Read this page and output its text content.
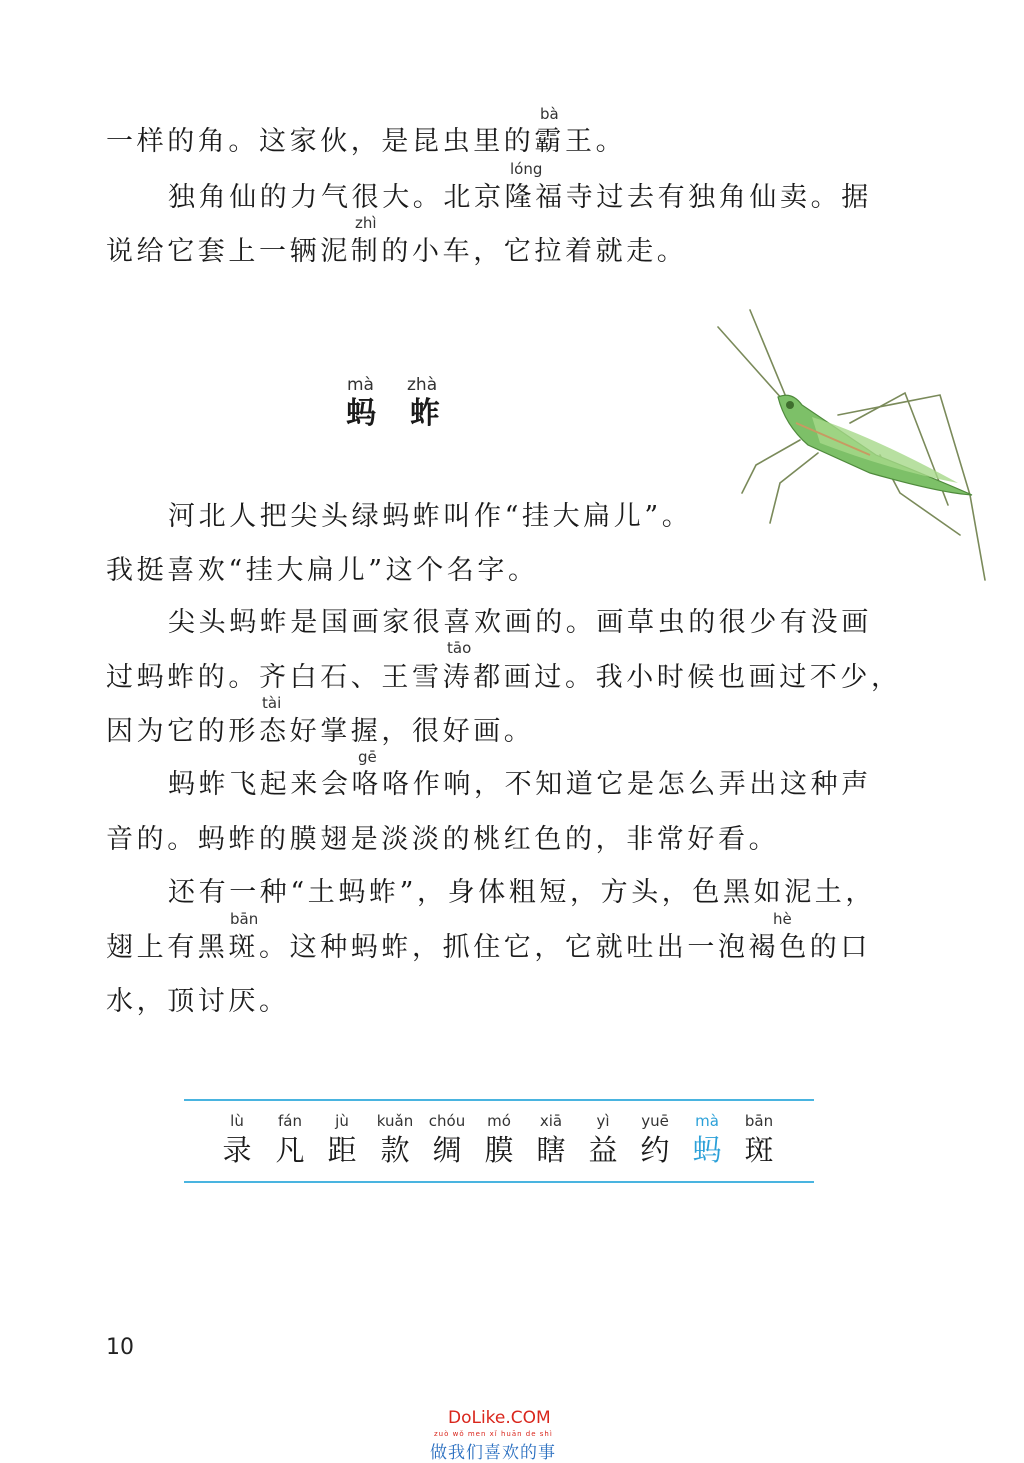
一样的角。这家伙，是昆虫里的霸王。
独角仙的力气很大。北京隆福寺过去有独角仙卖。据
说给它套上一辆泥制的小车，它拉着就走。
bà
lóng
zhì
mà zhà
蚂 蚱
河北人把尖头绿蚂蚱叫作“挂大扁儿”。
我挺喜欢“挂大扁儿”这个名字。
尖头蚂蚱是国画家很喜欢画的。画草虫的很少有没画
过蚂蚱的。齐白石、王雪涛都画过。我小时候也画过不少，
因为它的形态好掌握，很好画。
蚂蚱飞起来会咯咯作响，不知道它是怎么弄出这种声
音的。蚂蚱的膜翅是淡淡的桃红色的，非常好看。
还有一种“土蚂蚱”，身体粗短，方头，色黑如泥土，
翅上有黑斑。这种蚂蚱，抓住它，它就吐出一泡褐色的口
水，顶讨厌。
tāo
tài
gē
bān	hè
lù
录
fán
凡
jù
距
kuǎn
款
chóu
绸
mó
膜
xiā
瞎
yì
益
yuē
约
mà
蚂
bān
斑
10
DoLike.COM
zuò wǒ men xǐ huān de shì
做我们喜欢的事
